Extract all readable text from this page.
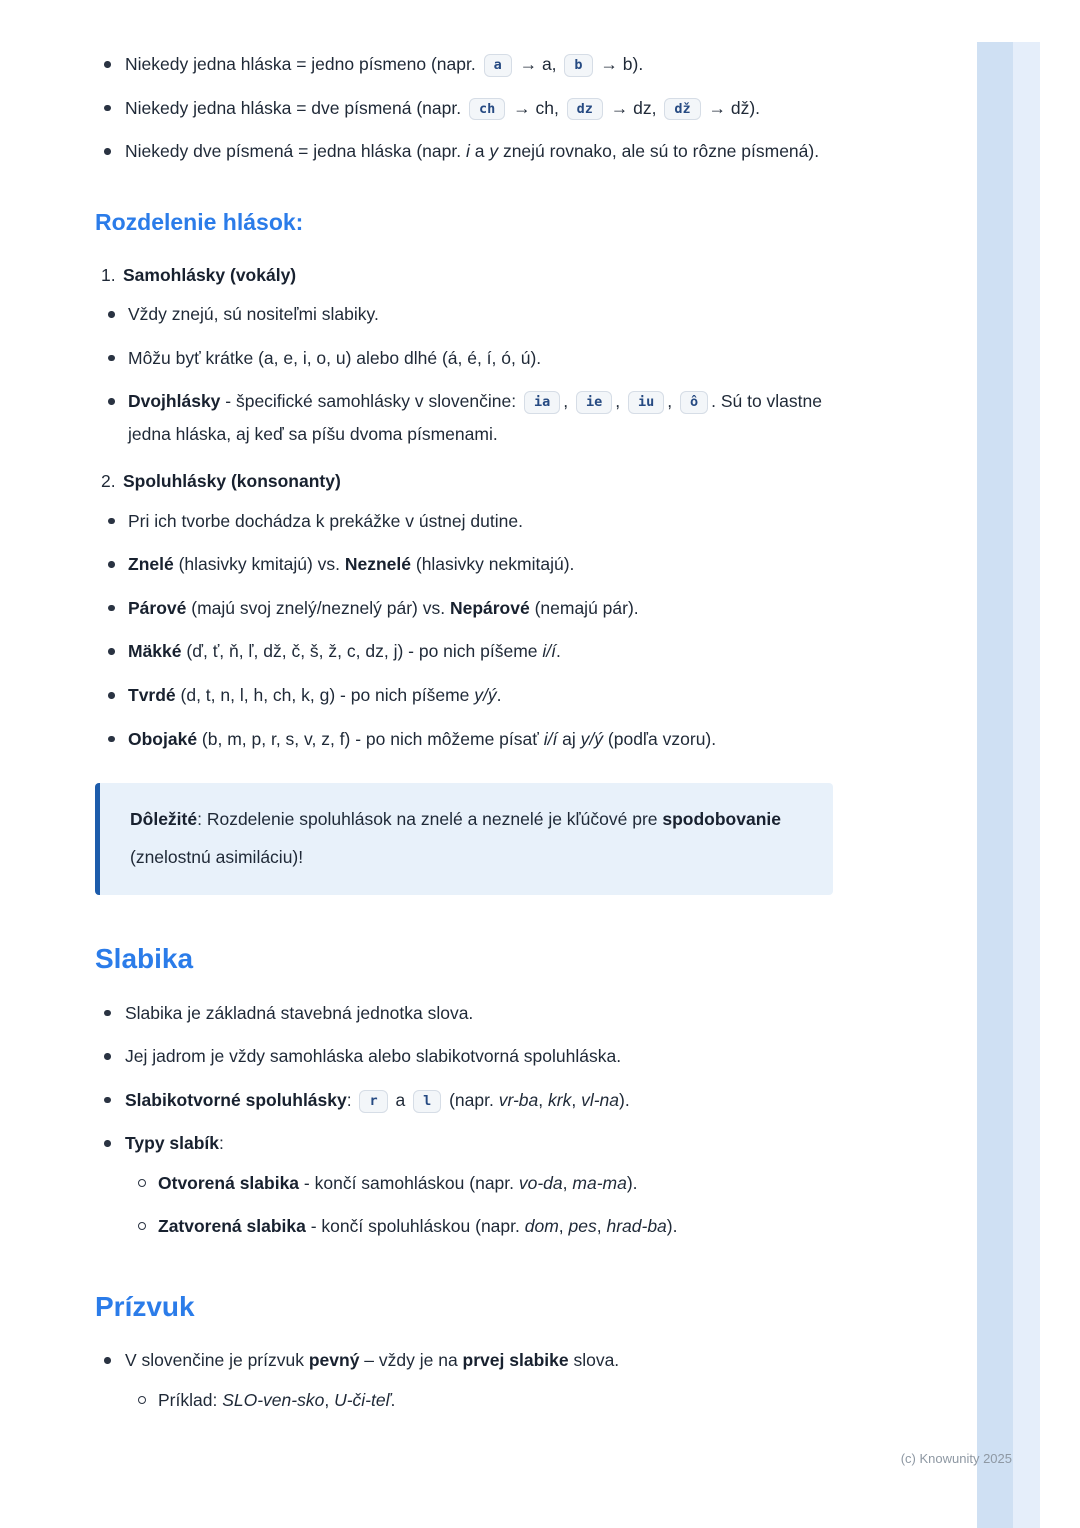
Niekedy jedna hláska = jedno písmeno (napr. a → a, b → b).
Niekedy jedna hláska = dve písmená (napr. ch → ch, dz → dz, dž → dž).
Niekedy dve písmená = jedna hláska (napr. i a y znejú rovnako, ale sú to rôzne písmená).
Rozdelenie hlások:
1. Samohlásky (vokály)
Vždy znejú, sú nositeľmi slabiky.
Môžu byť krátke (a, e, i, o, u) alebo dlhé (á, é, í, ó, ú).
Dvojhlásky - špecifické samohlásky v slovenčine: ia , ie , iu , ô . Sú to vlastne jedna hláska, aj keď sa píšu dvoma písmenami.
2. Spoluhlásky (konsonanty)
Pri ich tvorbe dochádza k prekážke v ústnej dutine.
Znelé (hlasivky kmitajú) vs. Neznelé (hlasivky nekmitajú).
Párové (majú svoj znelý/neznelý pár) vs. Nepárové (nemajú pár).
Mäkké (ď, ť, ň, ľ, dž, č, š, ž, c, dz, j) - po nich píšeme i/í.
Tvrdé (d, t, n, l, h, ch, k, g) - po nich píšeme y/ý.
Obojaké (b, m, p, r, s, v, z, f) - po nich môžeme písať i/í aj y/ý (podľa vzoru).
Dôležité: Rozdelenie spoluhlások na znelé a neznelé je kľúčové pre spodobovanie (znelostnú asimiláciu)!
Slabika
Slabika je základná stavebná jednotka slova.
Jej jadrom je vždy samohláska alebo slabikotvorná spoluhláska.
Slabikotvorné spoluhlásky: r a l (napr. vr-ba, krk, vl-na).
Typy slabík:
Otvorená slabika - končí samohláskou (napr. vo-da, ma-ma).
Zatvorená slabika - končí spoluhláskou (napr. dom, pes, hrad-ba).
Prízvuk
V slovenčine je prízvuk pevný – vždy je na prvej slabike slova.
Príklad: SLO-ven-sko, U-či-teľ.
(c) Knowunity 2025
